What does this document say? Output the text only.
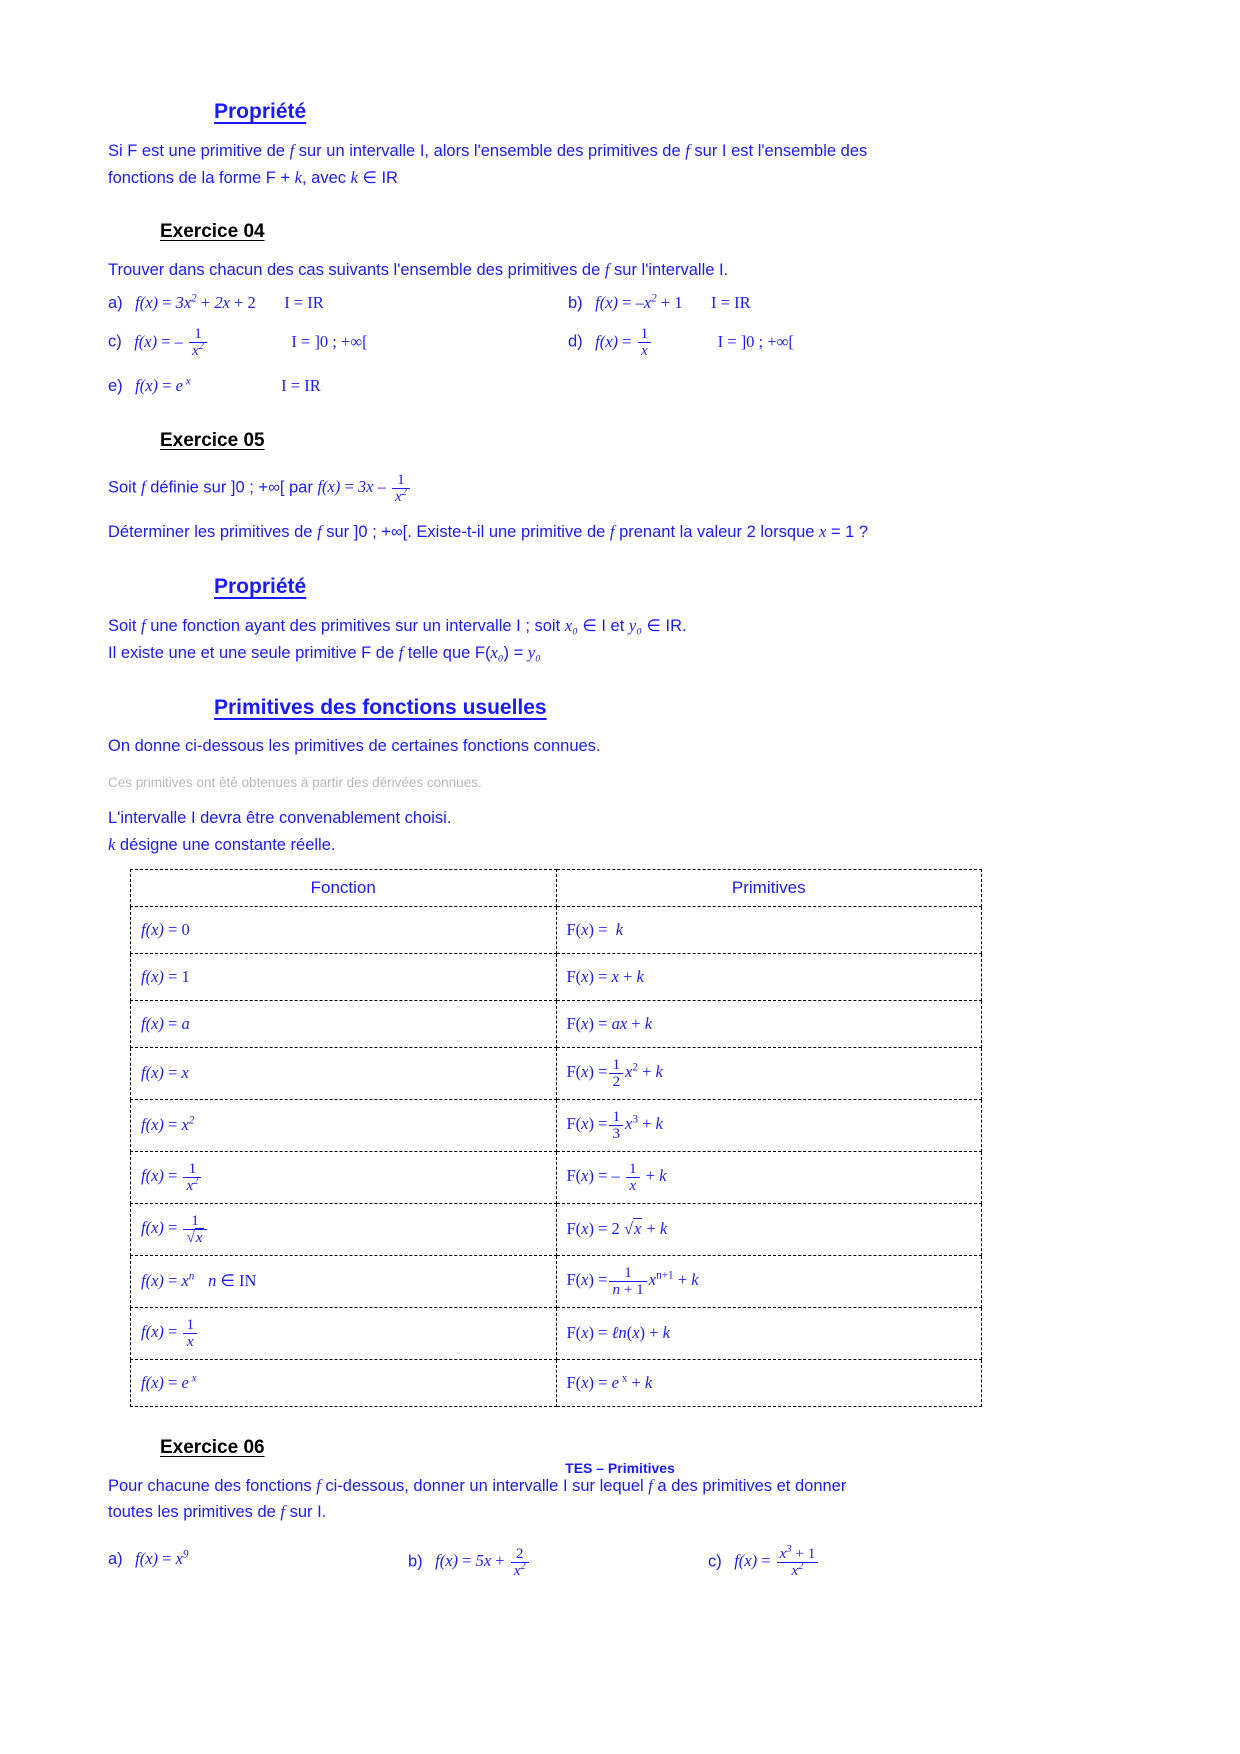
Propriété

Si F est une primitive de f sur un intervalle I, alors l'ensemble des primitives de f sur I est l'ensemble des

fonctions de la forme F + k, avec k ∈ IR

Exercice 04

Trouver dans chacun des cas suivants l'ensemble des primitives de f sur l'intervalle I.

a) $f(x) = 3x^2 + 2x + 2$ I = IR	b) $f(x) = -x^2 + 1$ I = IR
c) f(x) = – $\frac{1}{x^2}$	I = ]0 ; +∞[	d) $f(x) = \frac{1}{x}$	I = ]0 ; +∞[
e) f(x) = e $^x$	I = IR
Exercice 05

Soit f définie sur ]0 ; +∞[ par $f(x) = 3x - \frac{1}{x^2}$

Déterminer les primitives de f sur ]0 ; +∞[. Existe-t-il une primitive de f prenant la valeur 2 lorsque x = 1 ?

Propriété

Soit f une fonction ayant des primitives sur un intervalle I ; soit x₀ ∈ I et y₀ ∈ IR.

Il existe une et une seule primitive F de f telle que F(x₀) = y₀

Primitives des fonctions usuelles

On donne ci-dessous les primitives de certaines fonctions connues.

Ces primitives ont été obtenues à partir des dérivées connues.

L'intervalle I devra être convenablement choisi.

k désigne une constante réelle.

Fonction	Primitives
f(x) = 0	F(x) =  k
f(x) = 1	F(x) = x + k
f(x) = a	F(x) = ax + k
f(x) = x	$F(x) = \frac{1}{2} x^2 + k$
$f(x) = x^2$	$F(x) = \frac{1}{3} x^3 + k$
$f(x) = \frac{1}{x^2}$	F(x) = – $\frac{1}{x} + k$
$f(x) = \frac{1}{√x}$	F(x) = 2 √x + k
$f(x) = x^n$ n ∈ IN	$F(x) = \frac{1}{n + 1} x^{n+1} + k$
$f(x) = \frac{1}{x}$	F(x) = ℓn(x) + k
f(x) = e $^x$	F(x) = e $^x$ + k
Exercice 06

Pour chacune des fonctions f ci-dessous, donner un intervalle I sur lequel f a des primitives et donner

toutes les primitives de f sur I.

a) $f(x) = x^9$	b) $f(x) = 5x + \frac{2}{x^2}$	c) $f(x) = \frac{x^3 + 1}{x^2}$
TES – Primitives
